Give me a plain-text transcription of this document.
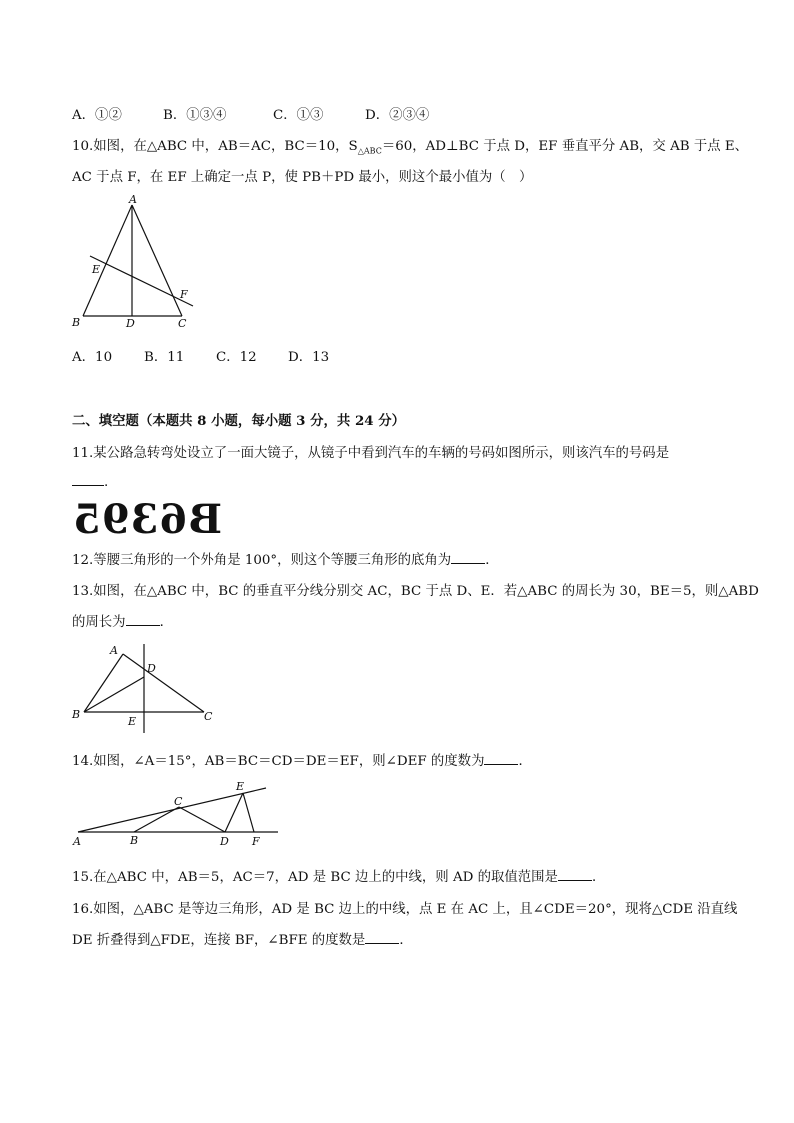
A．①②	B．①③④	C．①③	D．②③④
10.如图，在△ABC 中，AB＝AC，BC＝10，$S_{\triangle ABC}=60$，AD⊥BC 于点 D，EF 垂直平分 AB，交 AB 于点 E、
AC 于点 F，在 EF 上确定一点 P，使 PB＋PD 最小，则这个最小值为（　）
A
B	C
D
E
F
A．10 B．11 C．12 D．13
二、填空题（本题共 8 小题，每小题 3 分，共 24 分）
11.某公路急转弯处设立了一面大镜子，从镜子中看到汽车的车辆的号码如图所示，则该汽车的号码是
.
B6395
12.等腰三角形的一个外角是 100°，则这个等腰三角形的底角为	．
13.如图，在△ABC 中，BC 的垂直平分线分别交 AC，BC 于点 D、E．若△ABC 的周长为 30，BE＝5，则△ABD
的周长为	．
A
B	C
D
E
14.如图，∠A＝15°，AB＝BC＝CD＝DE＝EF，则∠DEF 的度数为	．
A	B
C
D
E
F
15.在△ABC 中，AB＝5，AC＝7，AD 是 BC 边上的中线，则 AD 的取值范围是	．
16.如图，△ABC 是等边三角形，AD 是 BC 边上的中线，点 E 在 AC 上，且∠CDE＝20°，现将△CDE 沿直线
DE 折叠得到△FDE，连接 BF，∠BFE 的度数是	．
